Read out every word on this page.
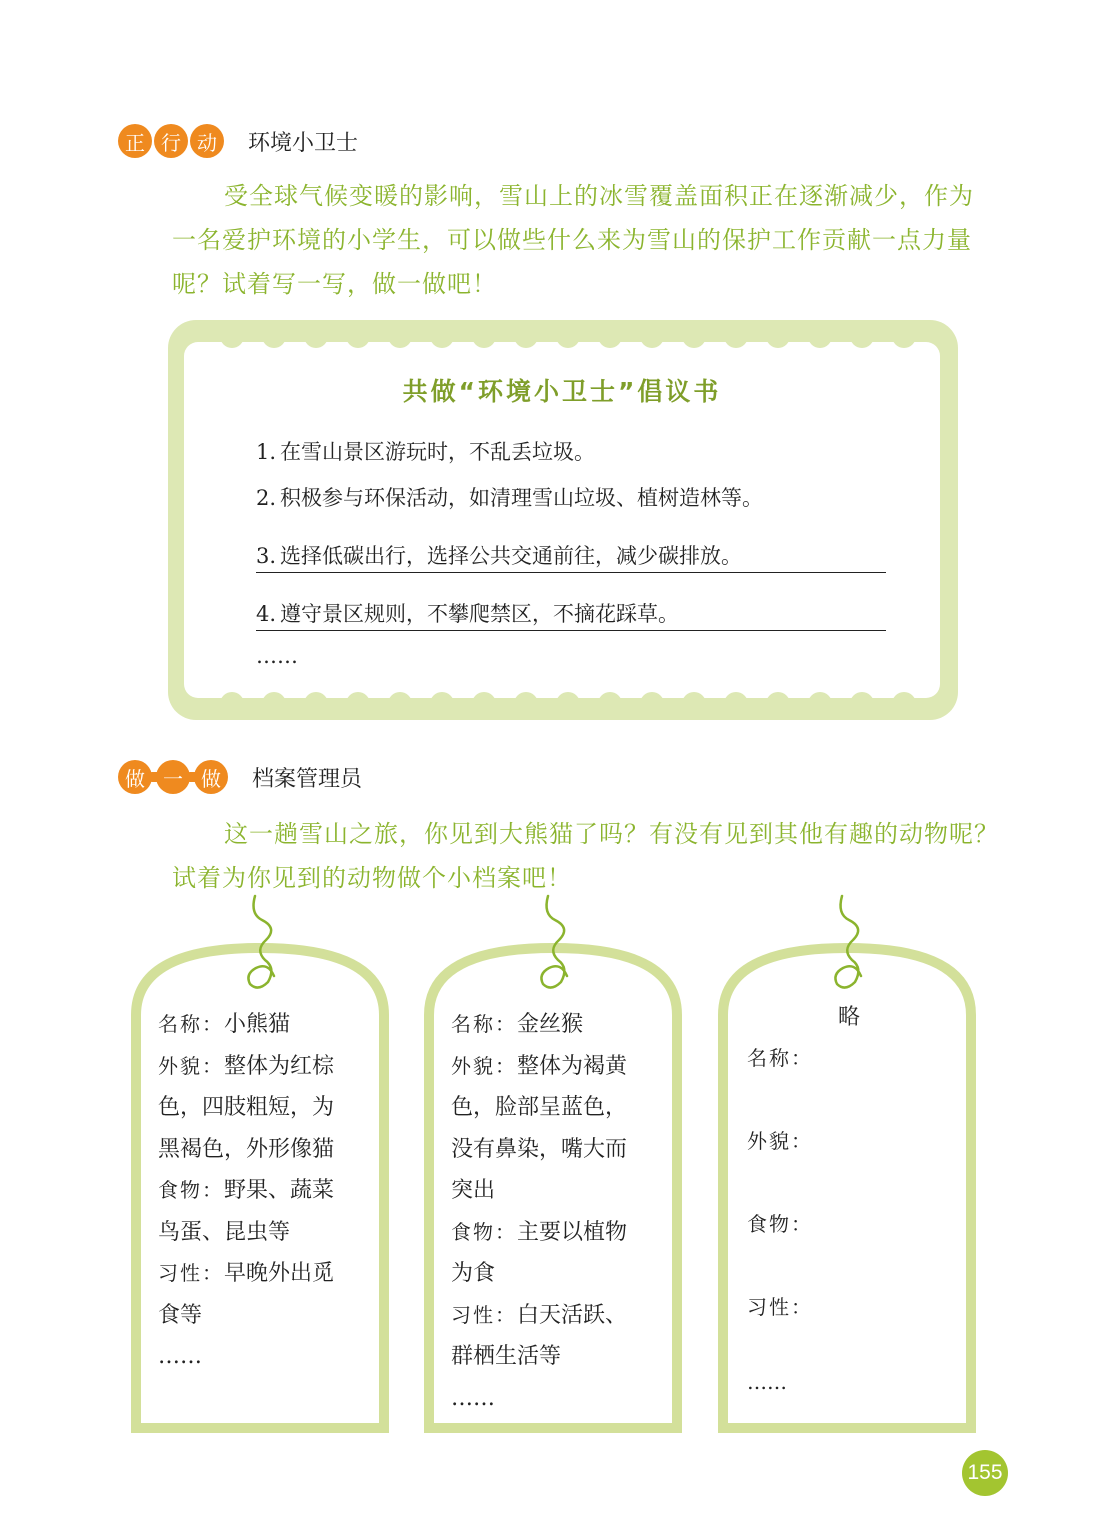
正 行 动	环境小卫士

受全球气候变暖的影响，雪山上的冰雪覆盖面积正在逐渐减少，作为

一名爱护环境的小学生，可以做些什么来为雪山的保护工作贡献一点力量

呢？试着写一写，做一做吧！

共做“环境小卫士”倡议书
1. 在雪山景区游玩时，不乱丢垃圾。
2. 积极参与环保活动，如清理雪山垃圾、植树造林等。
3. 选择低碳出行，选择公共交通前往，减少碳排放。
4. 遵守景区规则，不攀爬禁区，不摘花踩草。
……
做 一 做	档案管理员

这一趟雪山之旅，你见到大熊猫了吗？有没有见到其他有趣的动物呢？

试着为你见到的动物做个小档案吧！

名称：小熊猫
外貌：整体为红棕
色，四肢粗短，为
黑褐色，外形像猫
食物：野果、蔬菜
鸟蛋、昆虫等
习性：早晚外出觅
食等
……
名称：金丝猴
外貌：整体为褐黄
色，脸部呈蓝色，
没有鼻染，嘴大而
突出
食物：主要以植物
为食
习性：白天活跃、
群栖生活等
……
略
名称：
外貌：
食物：
习性：
……
155
